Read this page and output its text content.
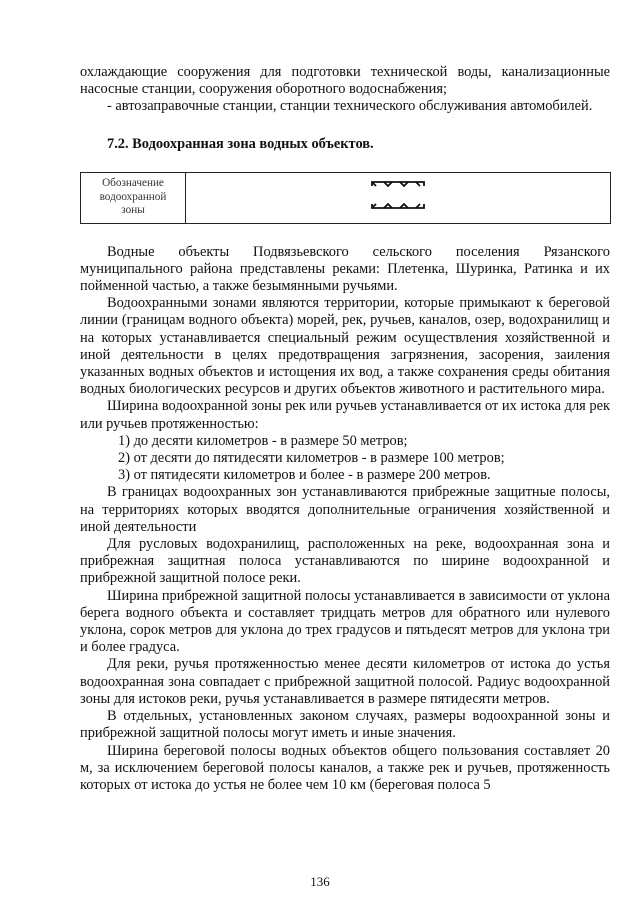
охлаждающие сооружения для подготовки технической воды, канализационные насосные станции, сооружения оборотного водоснабжения;

- автозаправочные станции, станции технического обслуживания автомобилей.

7.2. Водоохранная зона водных объектов.
Обозначение
водоохранной
зоны

Водные объекты Подвязьевского сельского поселения Рязанского муниципального района представлены реками: Плетенка, Шуринка, Ратинка и их пойменной частью, а также безымянными ручьями.

Водоохранными зонами являются территории, которые примыкают к береговой линии (границам водного объекта) морей, рек, ручьев, каналов, озер, водохранилищ и на которых устанавливается специальный режим осуществления хозяйственной и иной деятельности в целях предотвращения загрязнения, засорения, заиления указанных водных объектов и истощения их вод, а также сохранения среды обитания водных биологических ресурсов и других объектов животного и растительного мира.

Ширина водоохранной зоны рек или ручьев устанавливается от их истока для рек или ручьев протяженностью:

1) до десяти километров - в размере 50 метров;

2) от десяти до пятидесяти километров - в размере 100 метров;

3) от пятидесяти километров и более - в размере 200 метров.

В границах водоохранных зон устанавливаются прибрежные защитные полосы, на территориях которых вводятся дополнительные ограничения хозяйственной и иной деятельности

Для русловых водохранилищ, расположенных на реке, водоохранная зона и прибрежная защитная полоса устанавливаются по ширине водоохранной и прибрежной защитной полосе реки.

Ширина прибрежной защитной полосы устанавливается в зависимости от уклона берега водного объекта и составляет тридцать метров для обратного или нулевого уклона, сорок метров для уклона до трех градусов и пятьдесят метров для уклона три и более градуса.

Для реки, ручья протяженностью менее десяти километров от истока до устья водоохранная зона совпадает с прибрежной защитной полосой. Радиус водоохранной зоны для истоков реки, ручья устанавливается в размере пятидесяти метров.

В отдельных, установленных законом случаях, размеры водоохранной зоны и прибрежной защитной полосы могут иметь и иные значения.

Ширина береговой полосы водных объектов общего пользования составляет 20 м, за исключением береговой полосы каналов, а также рек и ручьев, протяженность которых от истока до устья не более чем 10 км (береговая полоса 5

136
